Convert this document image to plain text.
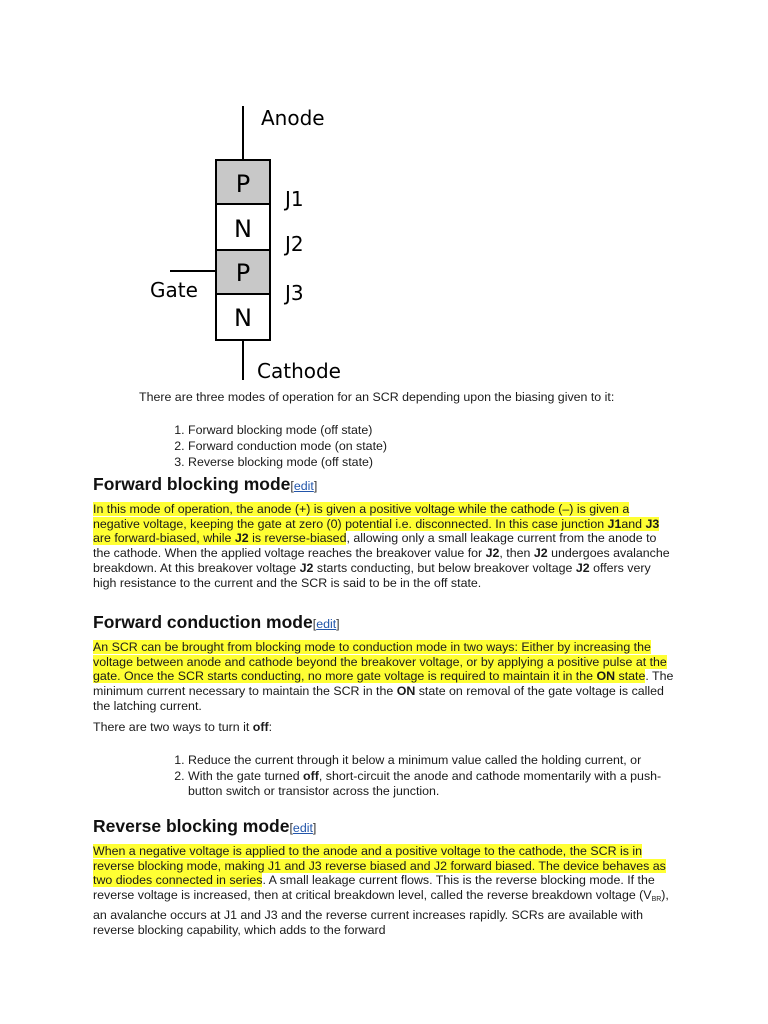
P
N
P
N
Anode
Cathode
Gate
J1
J2
J3

There are three modes of operation for an SCR depending upon the biasing given to it:

1. Forward blocking mode (off state)
2. Forward conduction mode (on state)
3. Reverse blocking mode (off state)
Forward blocking mode[edit]

In this mode of operation, the anode (+) is given a positive voltage while the cathode (–) is given a negative voltage, keeping the gate at zero (0) potential i.e. disconnected. In this case junction J1and J3 are forward-biased, while J2 is reverse-biased, allowing only a small leakage current from the anode to the cathode. When the applied voltage reaches the breakover value for J2, then J2 undergoes avalanche breakdown. At this breakover voltage J2 starts conducting, but below breakover voltage J2 offers very high resistance to the current and the SCR is said to be in the off state.

Forward conduction mode[edit]

An SCR can be brought from blocking mode to conduction mode in two ways: Either by increasing the voltage between anode and cathode beyond the breakover voltage, or by applying a positive pulse at the gate. Once the SCR starts conducting, no more gate voltage is required to maintain it in the ON state. The minimum current necessary to maintain the SCR in the ON state on removal of the gate voltage is called the latching current.

There are two ways to turn it off:

1. Reduce the current through it below a minimum value called the holding current, or
2. With the gate turned off, short-circuit the anode and cathode momentarily with a push-button switch or transistor across the junction.
Reverse blocking mode[edit]

When a negative voltage is applied to the anode and a positive voltage to the cathode, the SCR is in reverse blocking mode, making J1 and J3 reverse biased and J2 forward biased. The device behaves as two diodes connected in series. A small leakage current flows. This is the reverse blocking mode. If the reverse voltage is increased, then at critical breakdown level, called the reverse breakdown voltage $(V_{BR})$, an avalanche occurs at J1 and J3 and the reverse current increases rapidly. SCRs are available with reverse blocking capability, which adds to the forward
